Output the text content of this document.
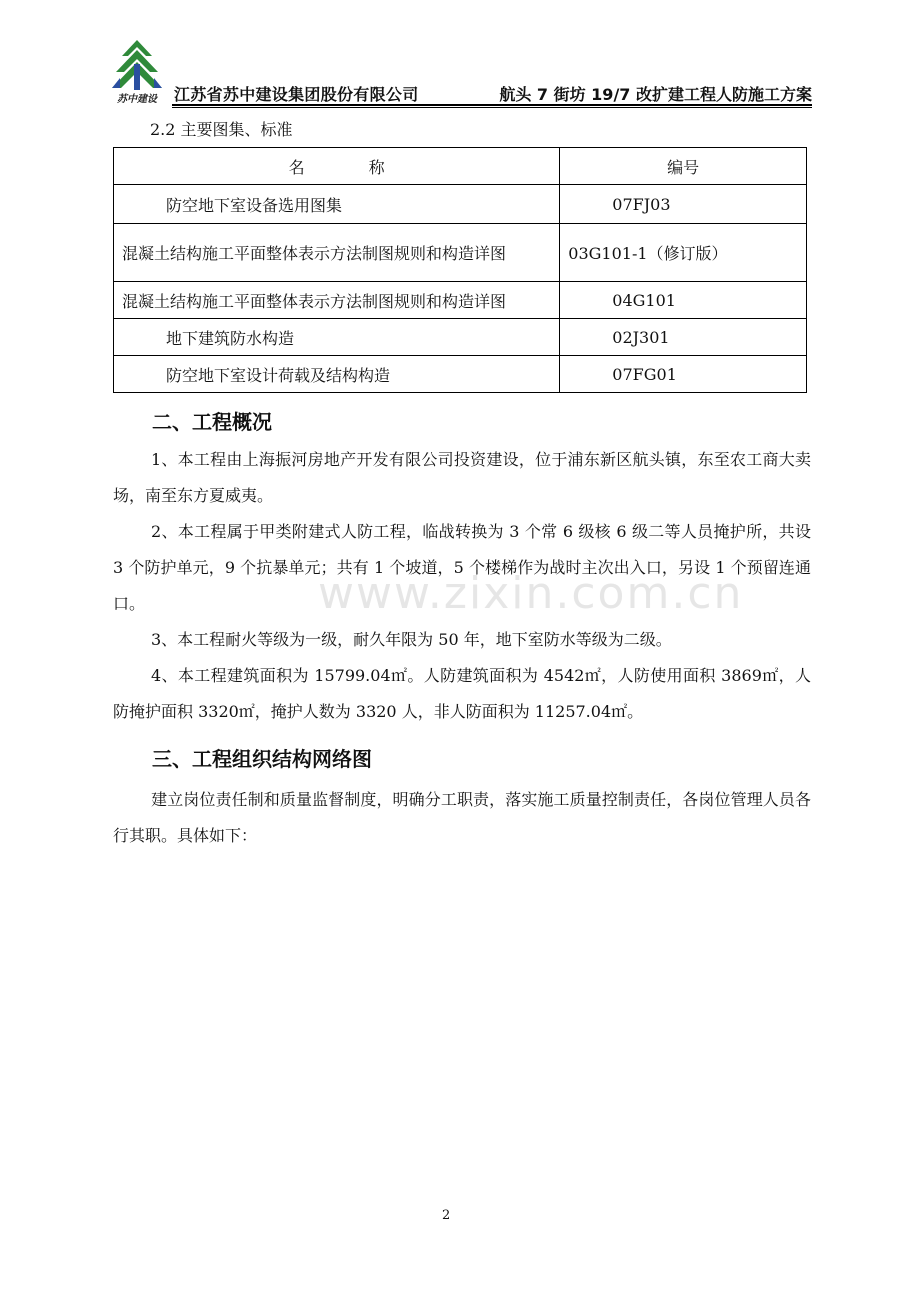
苏中建设 江苏省苏中建设集团股份有限公司	航头 7 街坊 19/7 改扩建工程人防施工方案
2.2 主要图集、标准
名 称	编号
防空地下室设备选用图集	07FJ03
混凝土结构施工平面整体表示方法制图规则和构造详图	03G101-1（修订版）
混凝土结构施工平面整体表示方法制图规则和构造详图	04G101
地下建筑防水构造	02J301
防空地下室设计荷载及结构构造	07FG01
二、工程概况
www.zixin.com.cn
1、本工程由上海振河房地产开发有限公司投资建设，位于浦东新区航头镇，东至农工商大卖场，南至东方夏威夷。
2、本工程属于甲类附建式人防工程，临战转换为 3 个常 6 级核 6 级二等人员掩护所，共设 3 个防护单元，9 个抗暴单元；共有 1 个坡道，5 个楼梯作为战时主次出入口，另设 1 个预留连通口。
3、本工程耐火等级为一级，耐久年限为 50 年，地下室防水等级为二级。
4、本工程建筑面积为 15799.04㎡。人防建筑面积为 4542㎡，人防使用面积 3869㎡，人防掩护面积 3320㎡，掩护人数为 3320 人，非人防面积为 11257.04㎡。
三、工程组织结构网络图
建立岗位责任制和质量监督制度，明确分工职责，落实施工质量控制责任，各岗位管理人员各行其职。具体如下：
2
